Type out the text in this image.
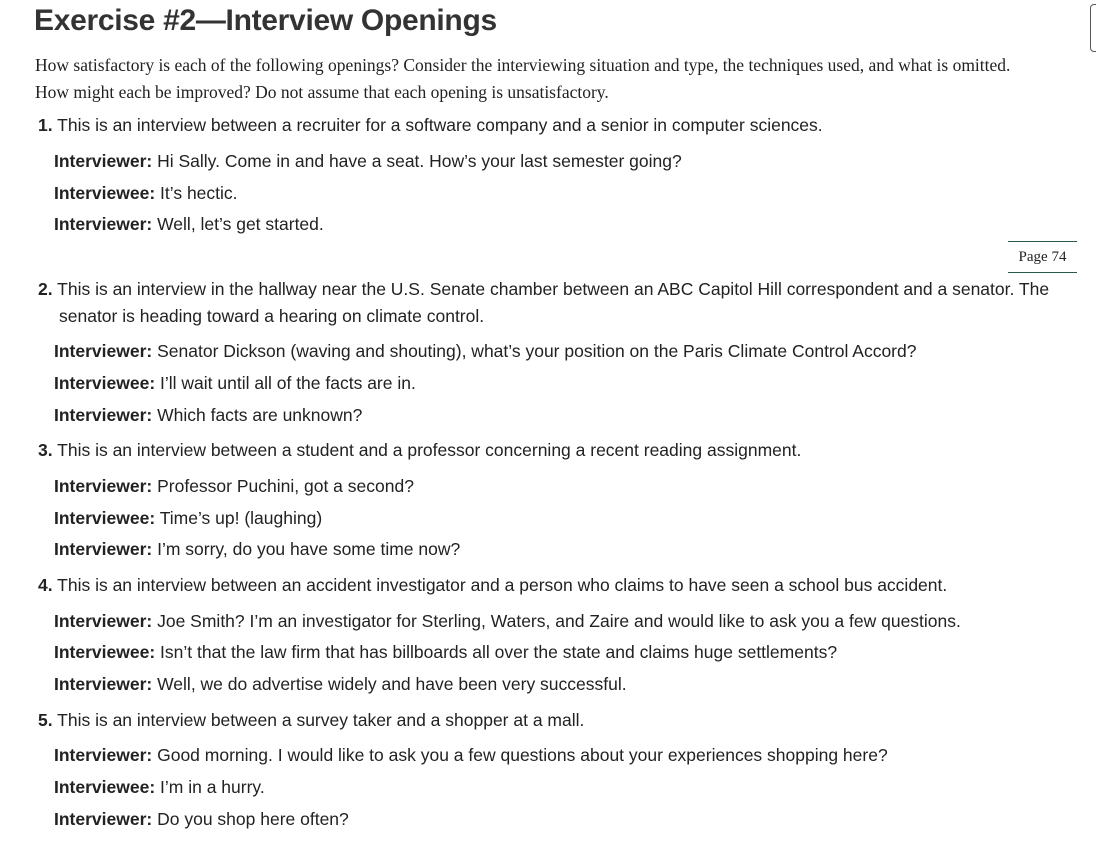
Exercise #2—Interview Openings

How satisfactory is each of the following openings? Consider the interviewing situation and type, the techniques used, and what is omitted. How might each be improved? Do not assume that each opening is unsatisfactory.

1. This is an interview between a recruiter for a software company and a senior in computer sciences.

Interviewer: Hi Sally. Come in and have a seat. How’s your last semester going?

Interviewee: It’s hectic.

Interviewer: Well, let’s get started.

Page 74

2. This is an interview in the hallway near the U.S. Senate chamber between an ABC Capitol Hill correspondent and a senator. The senator is heading toward a hearing on climate control.

Interviewer: Senator Dickson (waving and shouting), what’s your position on the Paris Climate Control Accord?

Interviewee: I’ll wait until all of the facts are in.

Interviewer: Which facts are unknown?

3. This is an interview between a student and a professor concerning a recent reading assignment.

Interviewer: Professor Puchini, got a second?

Interviewee: Time’s up! (laughing)

Interviewer: I’m sorry, do you have some time now?

4. This is an interview between an accident investigator and a person who claims to have seen a school bus accident.

Interviewer: Joe Smith? I’m an investigator for Sterling, Waters, and Zaire and would like to ask you a few questions.

Interviewee: Isn’t that the law firm that has billboards all over the state and claims huge settlements?

Interviewer: Well, we do advertise widely and have been very successful.

5. This is an interview between a survey taker and a shopper at a mall.

Interviewer: Good morning. I would like to ask you a few questions about your experiences shopping here?

Interviewee: I’m in a hurry.

Interviewer: Do you shop here often?
